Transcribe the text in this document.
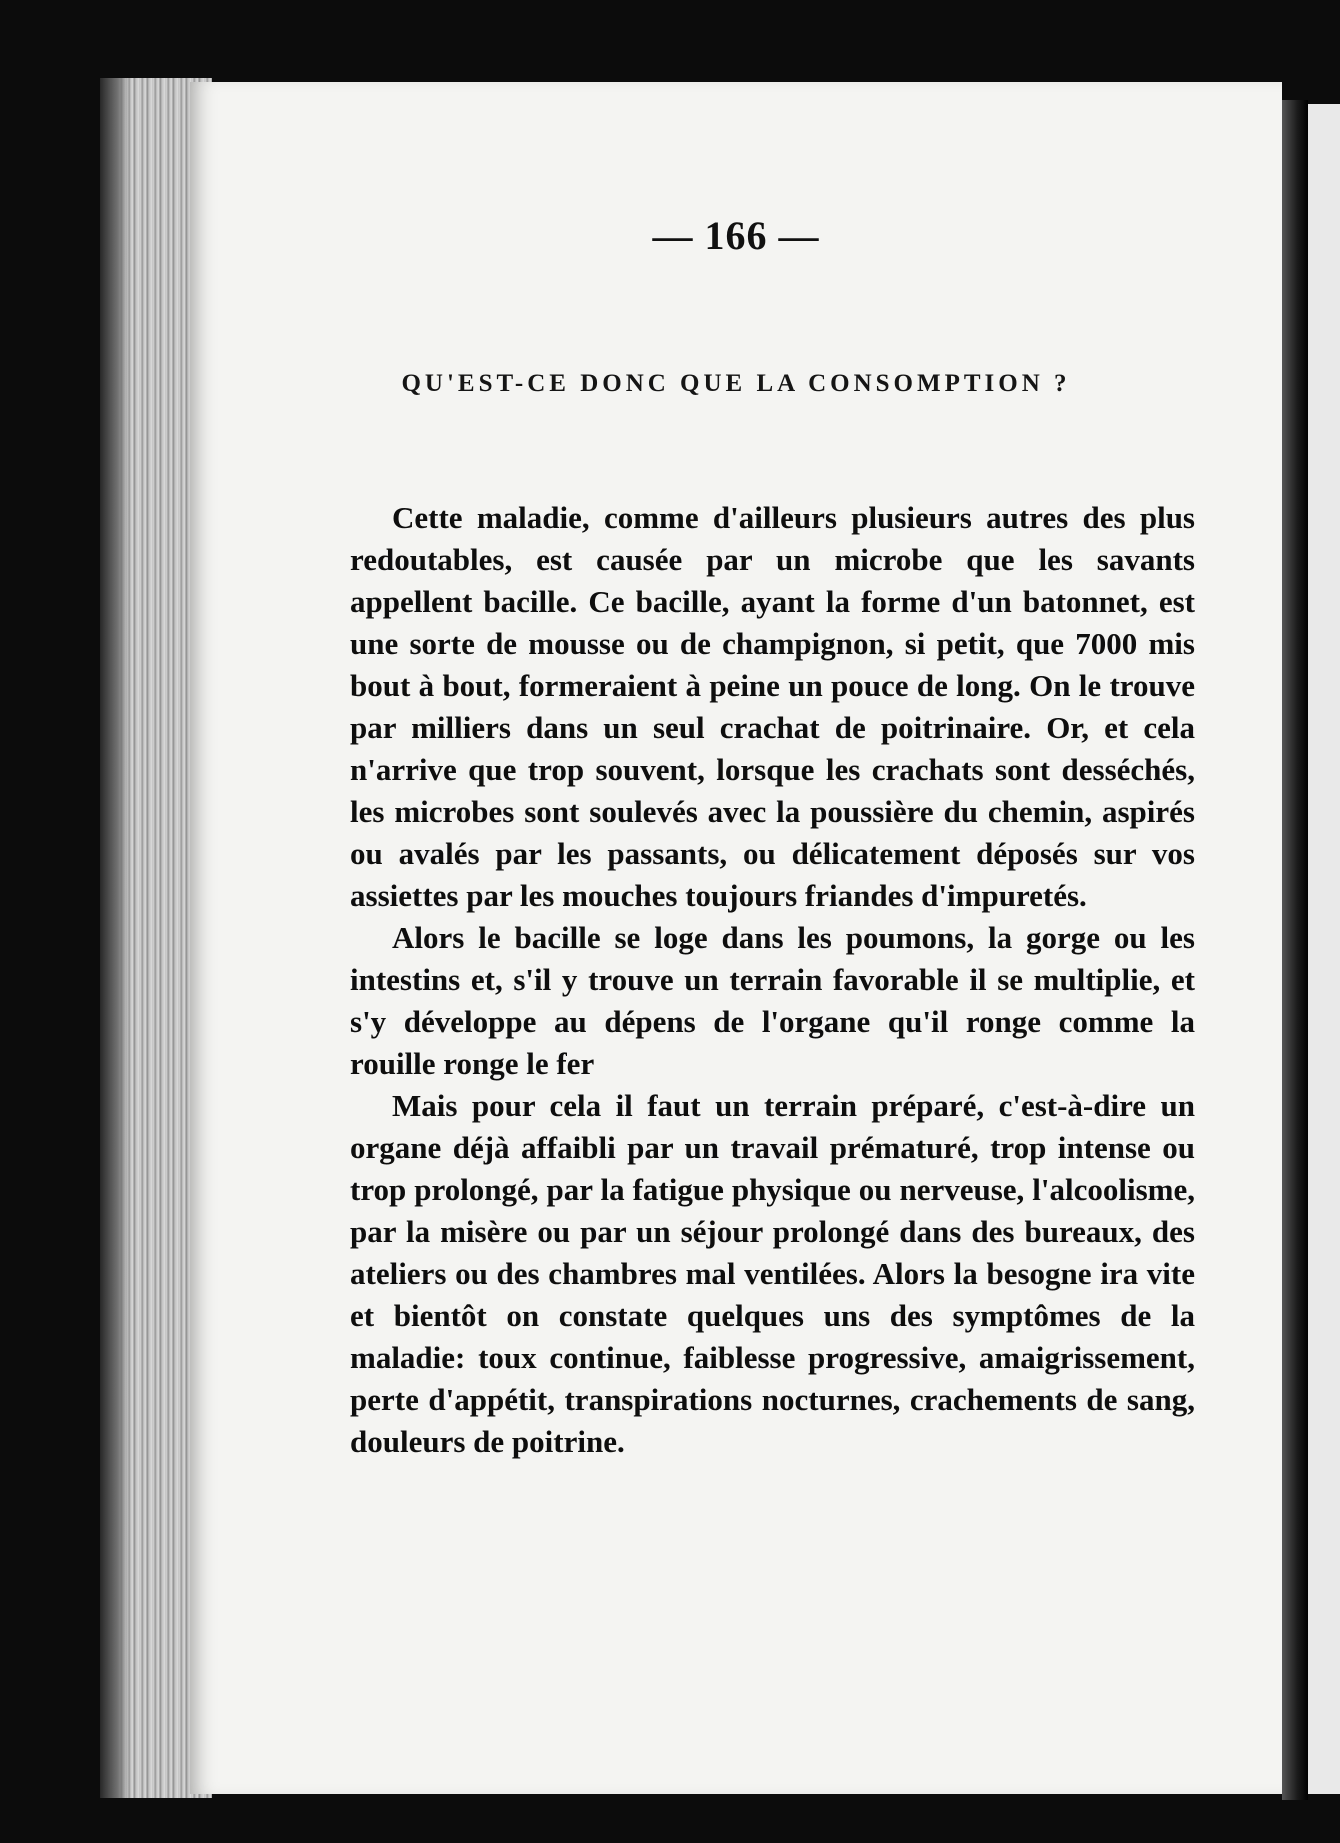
— 166 —
QU'EST-CE DONC QUE LA CONSOMPTION ?

Cette maladie, comme d'ailleurs plusieurs autres des plus redoutables, est causée par un microbe que les savants appellent bacille. Ce bacille, ayant la forme d'un batonnet, est une sorte de mousse ou de champignon, si petit, que 7000 mis bout à bout, formeraient à peine un pouce de long. On le trouve par milliers dans un seul crachat de poitrinaire. Or, et cela n'arrive que trop souvent, lorsque les crachats sont desséchés, les microbes sont soulevés avec la poussière du chemin, aspirés ou avalés par les passants, ou délicatement déposés sur vos assiettes par les mouches toujours friandes d'impuretés.

Alors le bacille se loge dans les poumons, la gorge ou les intestins et, s'il y trouve un terrain favorable il se multiplie, et s'y développe au dépens de l'organe qu'il ronge comme la rouille ronge le fer

Mais pour cela il faut un terrain préparé, c'est-à-dire un organe déjà affaibli par un travail prématuré, trop intense ou trop prolongé, par la fatigue physique ou nerveuse, l'alcoolisme, par la misère ou par un séjour prolongé dans des bureaux, des ateliers ou des chambres mal ventilées. Alors la besogne ira vite et bientôt on constate quelques uns des symptômes de la maladie: toux continue, faiblesse progressive, amaigrissement, perte d'appétit, transpirations nocturnes, crachements de sang, douleurs de poitrine.
